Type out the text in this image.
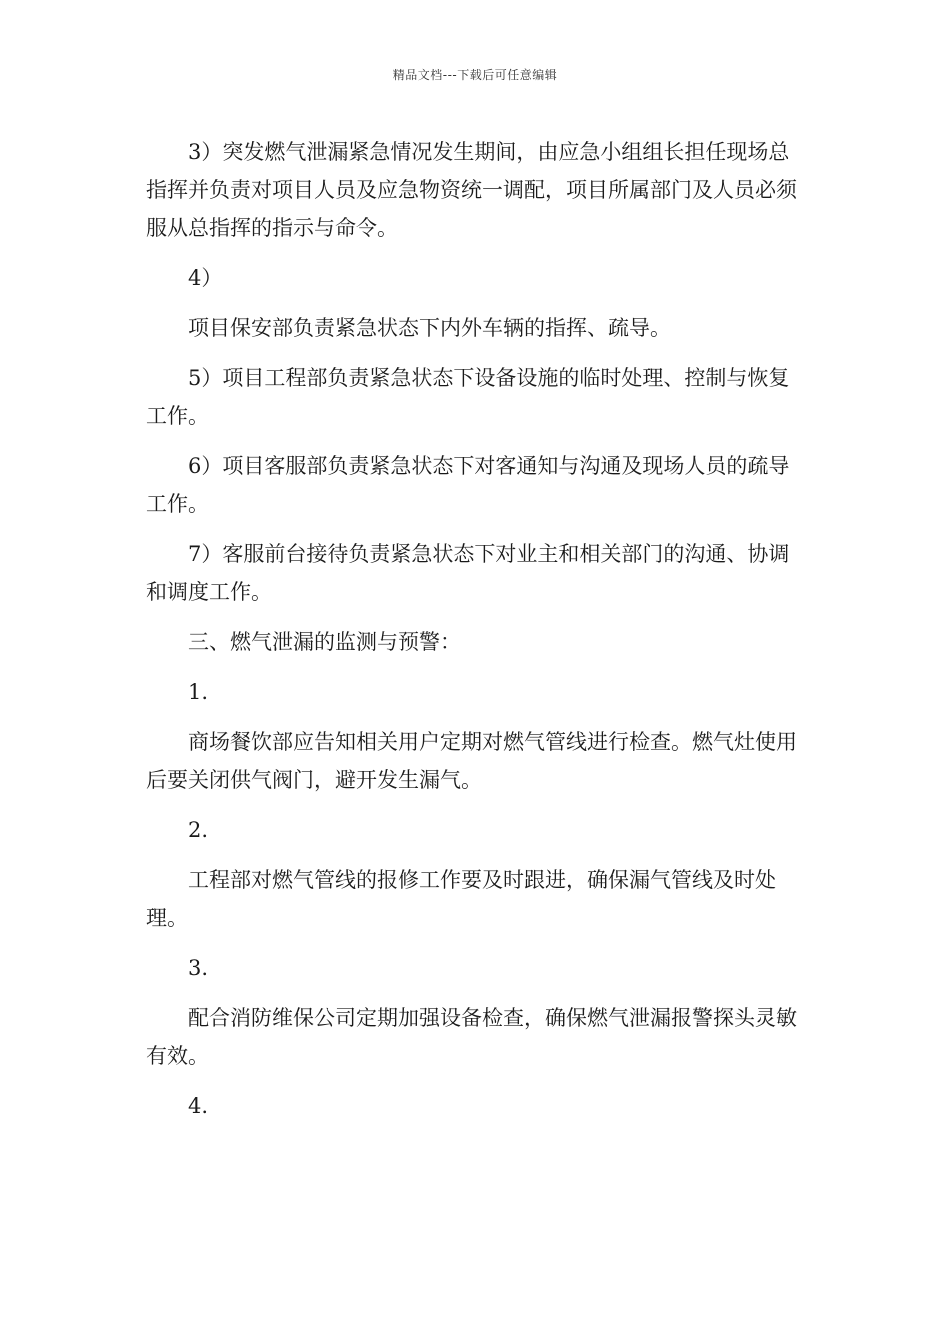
精品文档---下载后可任意编辑

3）突发燃气泄漏紧急情况发生期间，由应急小组组长担任现场总指挥并负责对项目人员及应急物资统一调配，项目所属部门及人员必须服从总指挥的指示与命令。

4）

项目保安部负责紧急状态下内外车辆的指挥、疏导。

5）项目工程部负责紧急状态下设备设施的临时处理、控制与恢复工作。

6）项目客服部负责紧急状态下对客通知与沟通及现场人员的疏导工作。

7）客服前台接待负责紧急状态下对业主和相关部门的沟通、协调和调度工作。

三、燃气泄漏的监测与预警：

1.

商场餐饮部应告知相关用户定期对燃气管线进行检查。燃气灶使用后要关闭供气阀门，避开发生漏气。

2.

工程部对燃气管线的报修工作要及时跟进，确保漏气管线及时处理。

3.

配合消防维保公司定期加强设备检查，确保燃气泄漏报警探头灵敏有效。

4.
